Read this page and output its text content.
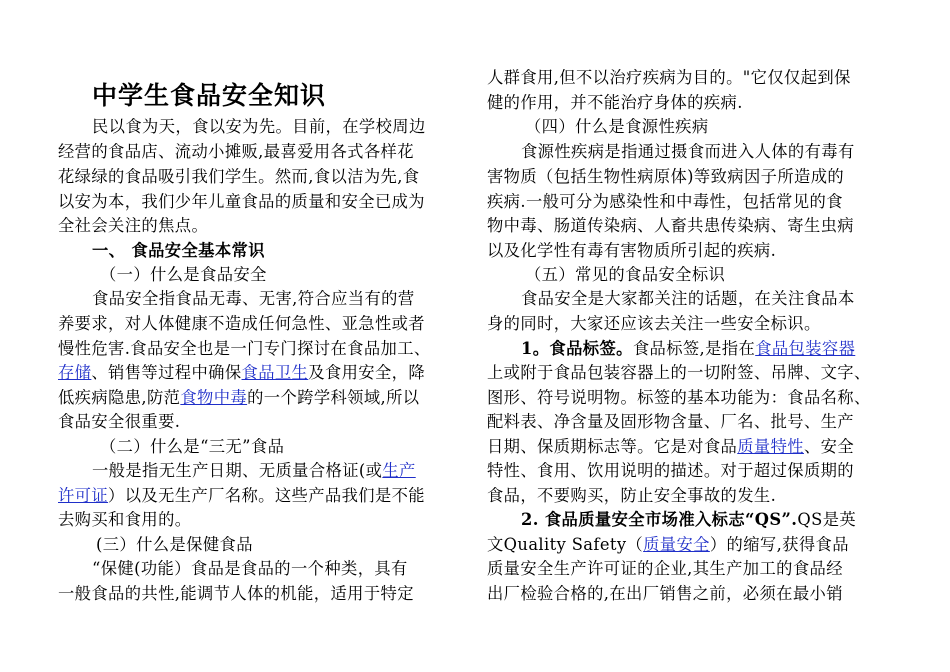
中学生食品安全知识
民以食为天，食以安为先。目前，在学校周边
经营的食品店、流动小摊贩,最喜爱用各式各样花
花绿绿的食品吸引我们学生。然而,食以洁为先,食
以安为本，我们少年儿童食品的质量和安全已成为
全社会关注的焦点。
一、 食品安全基本常识
（一）什么是食品安全
食品安全指食品无毒、无害,符合应当有的营
养要求，对人体健康不造成任何急性、亚急性或者
慢性危害.食品安全也是一门专门探讨在食品加工、
存储、销售等过程中确保食品卫生及食用安全，降
低疾病隐患,防范食物中毒的一个跨学科领域,所以
食品安全很重要.
（二）什么是“三无”食品
一般是指无生产日期、无质量合格证(或生产
许可证）以及无生产厂名称。这些产品我们是不能
去购买和食用的。
(三）什么是保健食品
“保健(功能）食品是食品的一个种类，具有
一般食品的共性,能调节人体的机能，适用于特定
人群食用,但不以治疗疾病为目的。"它仅仅起到保
健的作用，并不能治疗身体的疾病.
（四）什么是食源性疾病
食源性疾病是指通过摄食而进入人体的有毒有
害物质（包括生物性病原体)等致病因子所造成的
疾病.一般可分为感染性和中毒性，包括常见的食
物中毒、肠道传染病、人畜共患传染病、寄生虫病
以及化学性有毒有害物质所引起的疾病.
（五）常见的食品安全标识
食品安全是大家都关注的话题，在关注食品本
身的同时，大家还应该去关注一些安全标识。
1。食品标签。食品标签,是指在食品包装容器
上或附于食品包装容器上的一切附签、吊牌、文字、
图形、符号说明物。标签的基本功能为：食品名称、
配料表、净含量及固形物含量、厂名、批号、生产
日期、保质期标志等。它是对食品质量特性、安全
特性、食用、饮用说明的描述。对于超过保质期的
食品，不要购买，防止安全事故的发生.
2. 食品质量安全市场准入标志“QS”.QS是英
文Quality Safety（质量安全）的缩写,获得食品
质量安全生产许可证的企业,其生产加工的食品经
出厂检验合格的,在出厂销售之前，必须在最小销
